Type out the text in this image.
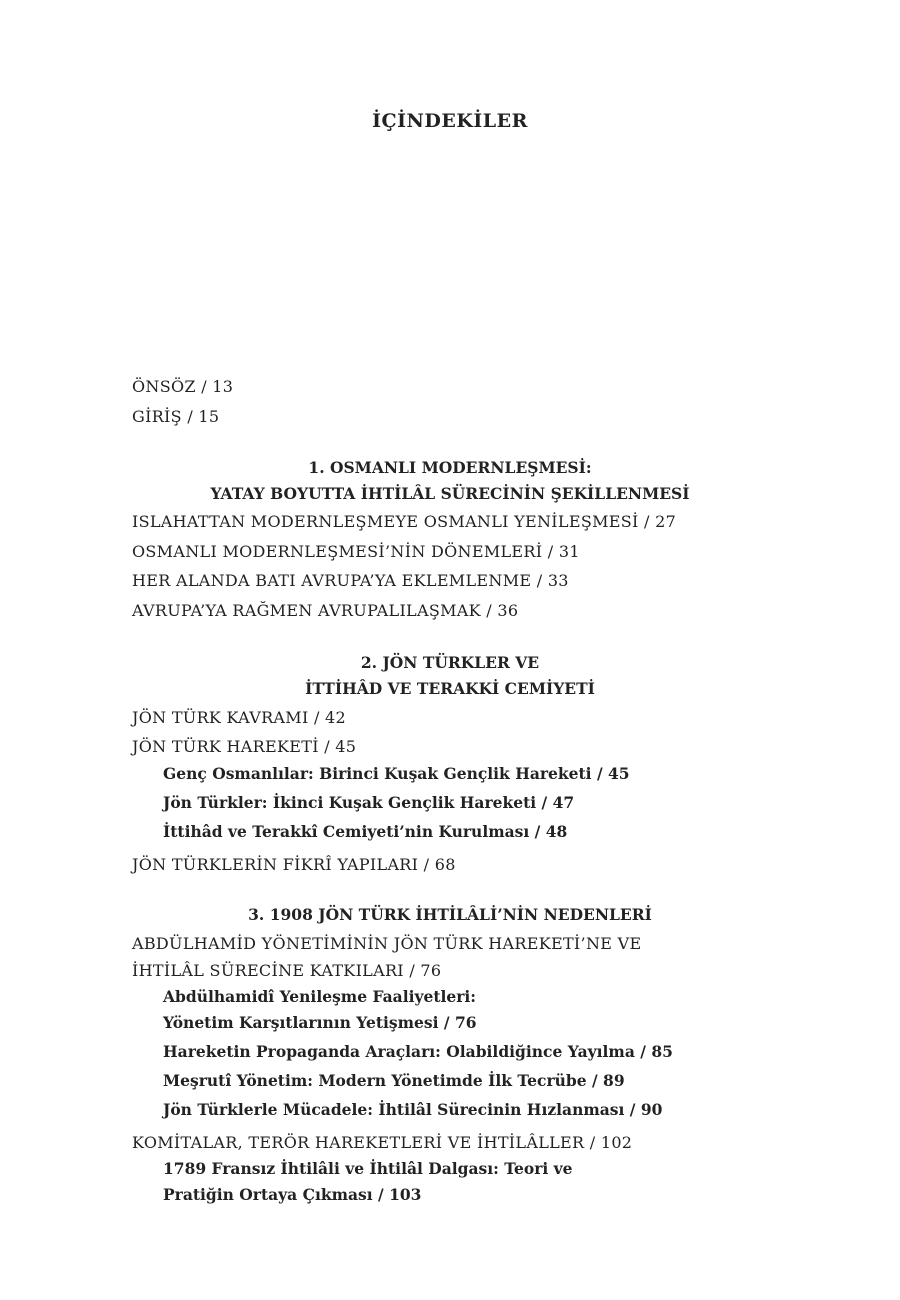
İÇİNDEKİLER
ÖNSÖZ / 13
GİRİŞ / 15
1. OSMANLI MODERNLEŞMESİ:
YATAY BOYUTTA İHTİLÂL SÜRECİNİN ŞEKİLLENMESİ
ISLAHATTAN MODERNLEŞMEYE OSMANLI YENİLEŞMESİ / 27
OSMANLI MODERNLEŞMESİ’NİN DÖNEMLERİ / 31
HER ALANDA BATI AVRUPA’YA EKLEMLENME / 33
AVRUPA’YA RAĞMEN AVRUPALILAŞMAK / 36
2. JÖN TÜRKLER VE
İTTİHÂD VE TERAKKİ CEMİYETİ
JÖN TÜRK KAVRAMI / 42
JÖN TÜRK HAREKETİ / 45
Genç Osmanlılar: Birinci Kuşak Gençlik Hareketi / 45
Jön Türkler: İkinci Kuşak Gençlik Hareketi / 47
İttihâd ve Terakkî Cemiyeti’nin Kurulması / 48
JÖN TÜRKLERİN FİKRÎ YAPILARI / 68
3. 1908 JÖN TÜRK İHTİLÂLİ’NİN NEDENLERİ
ABDÜLHAMİD YÖNETİMİNİN JÖN TÜRK HAREKETİ’NE VE
İHTİLÂL SÜRECİNE KATKILARI / 76
Abdülhamidî Yenileşme Faaliyetleri:
Yönetim Karşıtlarının Yetişmesi / 76
Hareketin Propaganda Araçları: Olabildiğince Yayılma / 85
Meşrutî Yönetim: Modern Yönetimde İlk Tecrübe / 89
Jön Türklerle Mücadele: İhtilâl Sürecinin Hızlanması / 90
KOMİTALAR, TERÖR HAREKETLERİ VE İHTİLÂLLER / 102
1789 Fransız İhtilâli ve İhtilâl Dalgası: Teori ve
Pratiğin Ortaya Çıkması / 103
